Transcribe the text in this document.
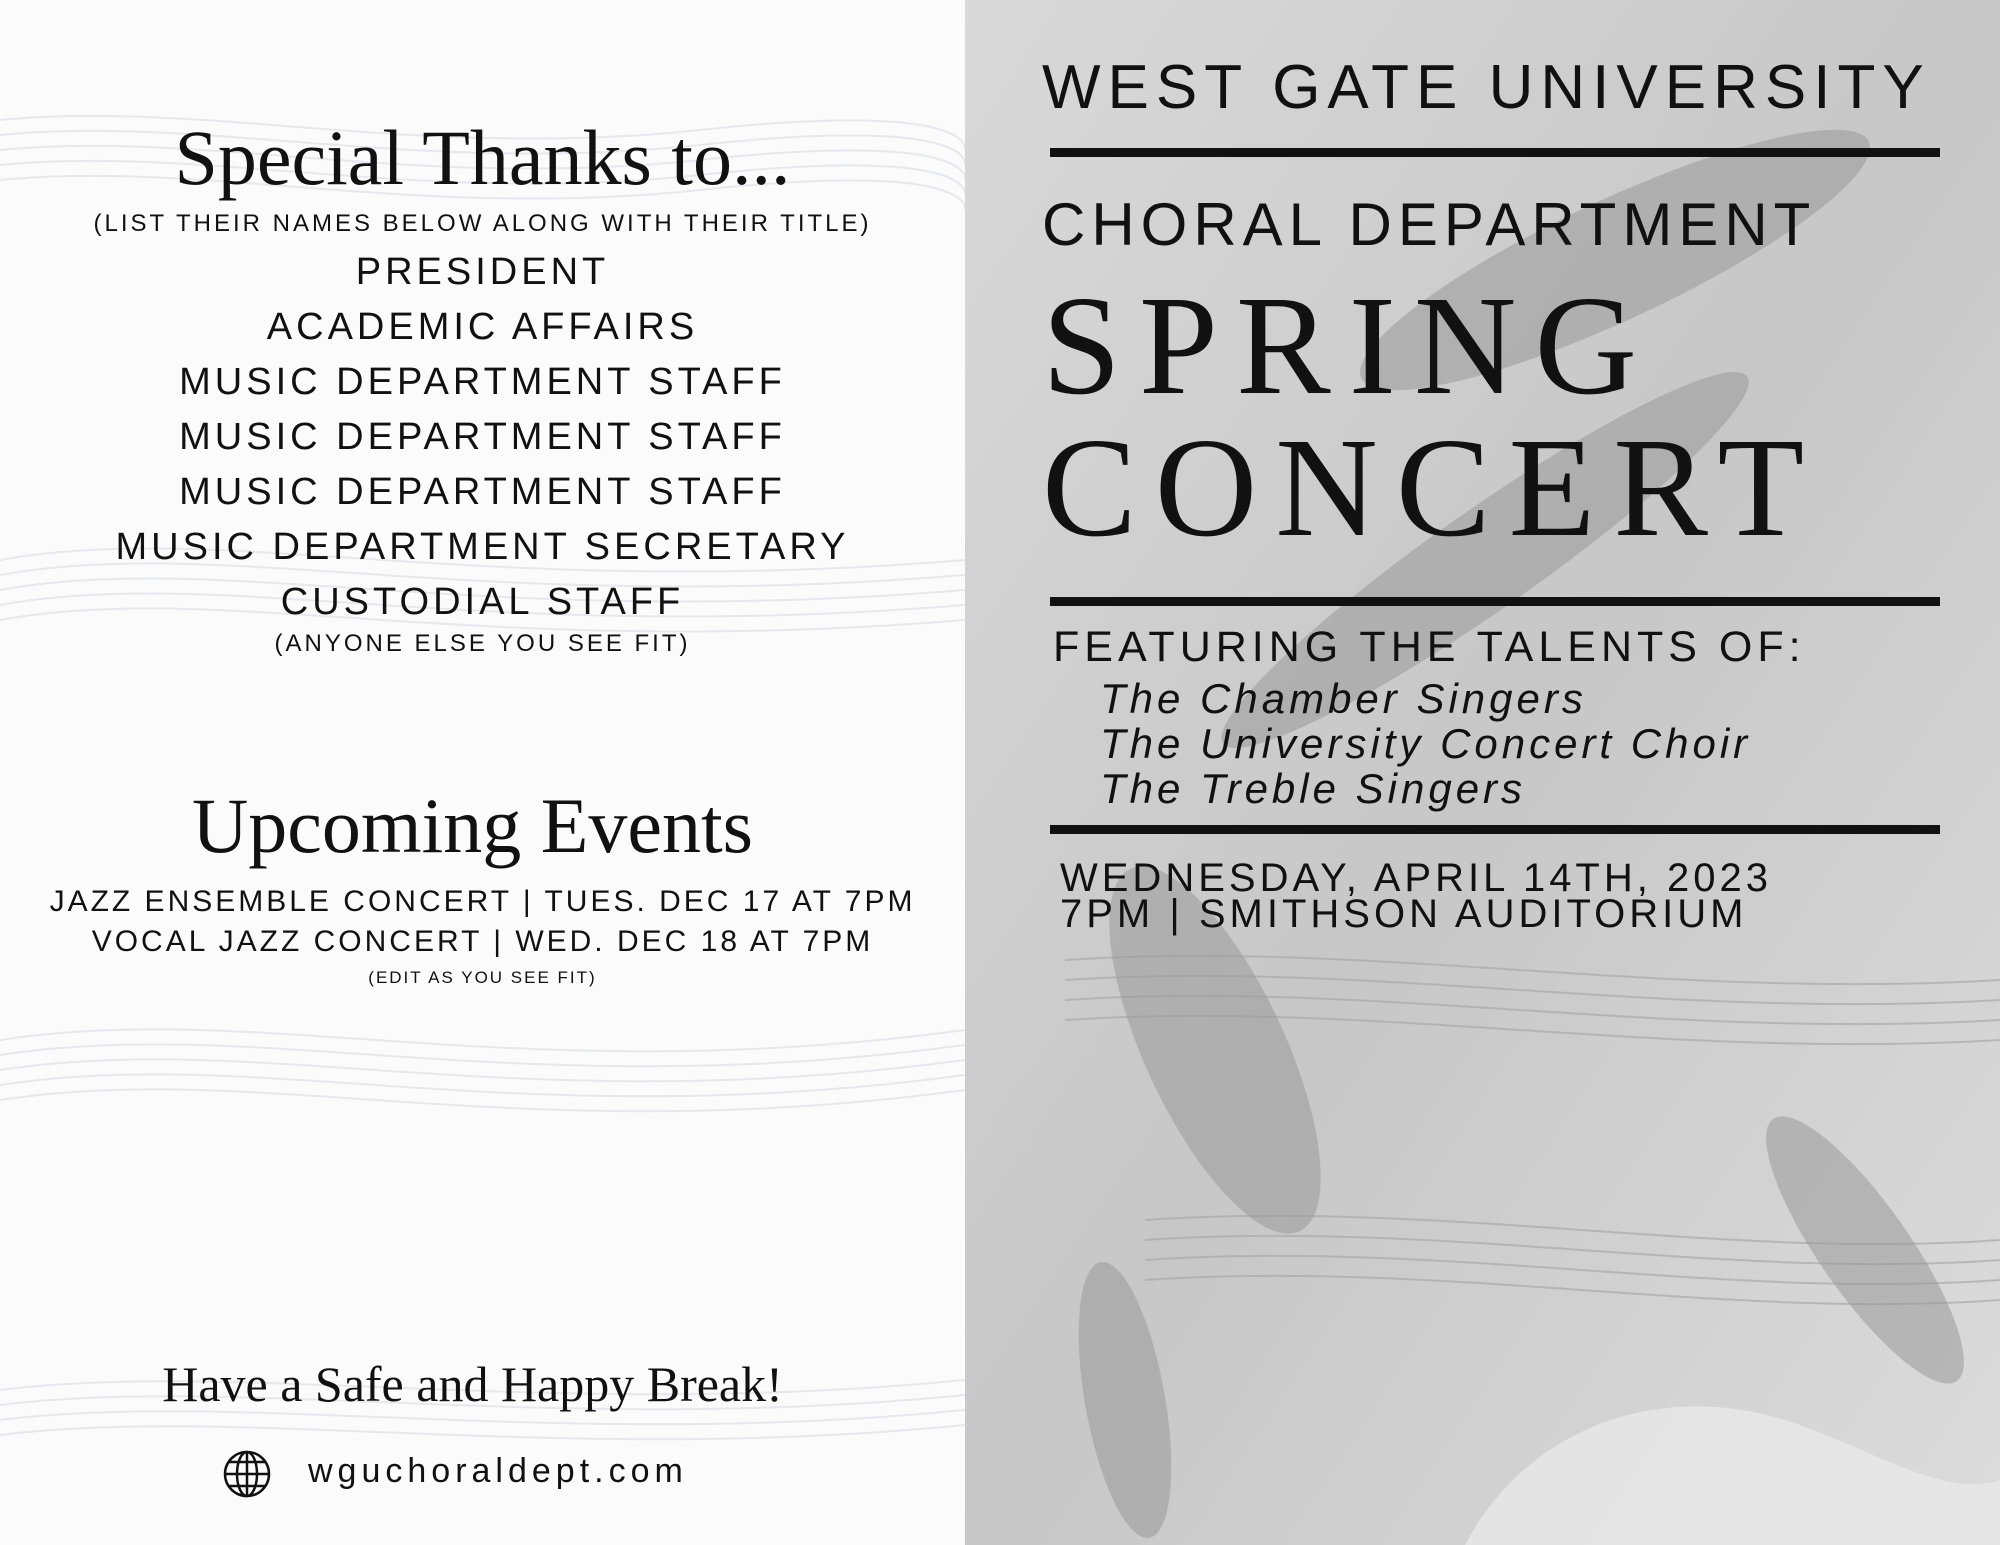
Special Thanks to...
(LIST THEIR NAMES BELOW ALONG WITH THEIR TITLE)
PRESIDENT
ACADEMIC AFFAIRS
MUSIC DEPARTMENT STAFF
MUSIC DEPARTMENT STAFF
MUSIC DEPARTMENT STAFF
MUSIC DEPARTMENT SECRETARY
CUSTODIAL STAFF
(ANYONE ELSE YOU SEE FIT)
Upcoming Events
JAZZ ENSEMBLE CONCERT | TUES. DEC 17 AT 7PM
VOCAL JAZZ CONCERT | WED. DEC 18 AT 7PM
(EDIT AS YOU SEE FIT)
Have a Safe and Happy Break!
wguchoraldept.com
WEST GATE UNIVERSITY
CHORAL DEPARTMENT
SPRING
CONCERT
FEATURING THE TALENTS OF:
The Chamber Singers
The University Concert Choir
The Treble Singers
WEDNESDAY, APRIL 14TH, 2023
7PM | SMITHSON AUDITORIUM
